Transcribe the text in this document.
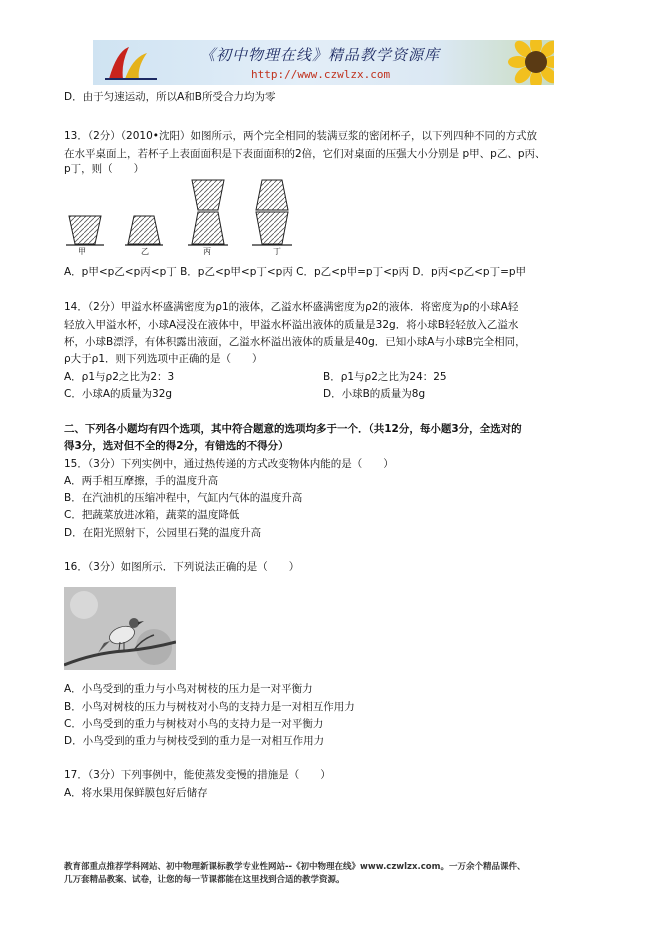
《初中物理在线》精品教学资源库
http://www.czwlzx.com
D．由于匀速运动，所以A和B所受合力均为零
13．（2分）（2010•沈阳）如图所示，两个完全相同的装满豆浆的密闭杯子，以下列四种不同的方式放
在水平桌面上，若杯子上表面面积是下表面面积的2倍，它们对桌面的压强大小分别是 p甲、p乙、p丙、
p丁，则（　　）
甲	乙	丙	丁
A．p甲<p乙<p丙<p丁 B．p乙<p甲<p丁<p丙 C．p乙<p甲=p丁<p丙 D．p丙<p乙<p丁=p甲
14．（2分）甲溢水杯盛满密度为ρ1的液体，乙溢水杯盛满密度为ρ2的液体．将密度为ρ的小球A轻
轻放入甲溢水杯，小球A浸没在液体中，甲溢水杯溢出液体的质量是32g．将小球B轻轻放入乙溢水
杯，小球B漂浮，有体积露出液面，乙溢水杯溢出液体的质量是40g．已知小球A与小球B完全相同，
ρ大于ρ1．则下列选项中正确的是（　　）
A．ρ1与ρ2之比为2：3	B．ρ1与ρ2之比为24：25
C．小球A的质量为32g	D．小球B的质量为8g
二、下列各小题均有四个选项，其中符合题意的选项均多于一个．（共12分，每小题3分，全选对的
得3分，选对但不全的得2分，有错选的不得分）
15．（3分）下列实例中，通过热传递的方式改变物体内能的是（　　）
A．两手相互摩擦，手的温度升高
B．在汽油机的压缩冲程中，气缸内气体的温度升高
C．把蔬菜放进冰箱，蔬菜的温度降低
D．在阳光照射下，公园里石凳的温度升高
16．（3分）如图所示．下列说法正确的是（　　）
A．小鸟受到的重力与小鸟对树枝的压力是一对平衡力
B．小鸟对树枝的压力与树枝对小鸟的支持力是一对相互作用力
C．小鸟受到的重力与树枝对小鸟的支持力是一对平衡力
D．小鸟受到的重力与树枝受到的重力是一对相互作用力
17．（3分）下列事例中，能使蒸发变慢的措施是（　　）
A．将水果用保鲜膜包好后储存
教育部重点推荐学科网站、初中物理新课标教学专业性网站--《初中物理在线》www.czwlzx.com。一万余个精品课件、
几万套精品教案、试卷，让您的每一节课都能在这里找到合适的教学资源。
